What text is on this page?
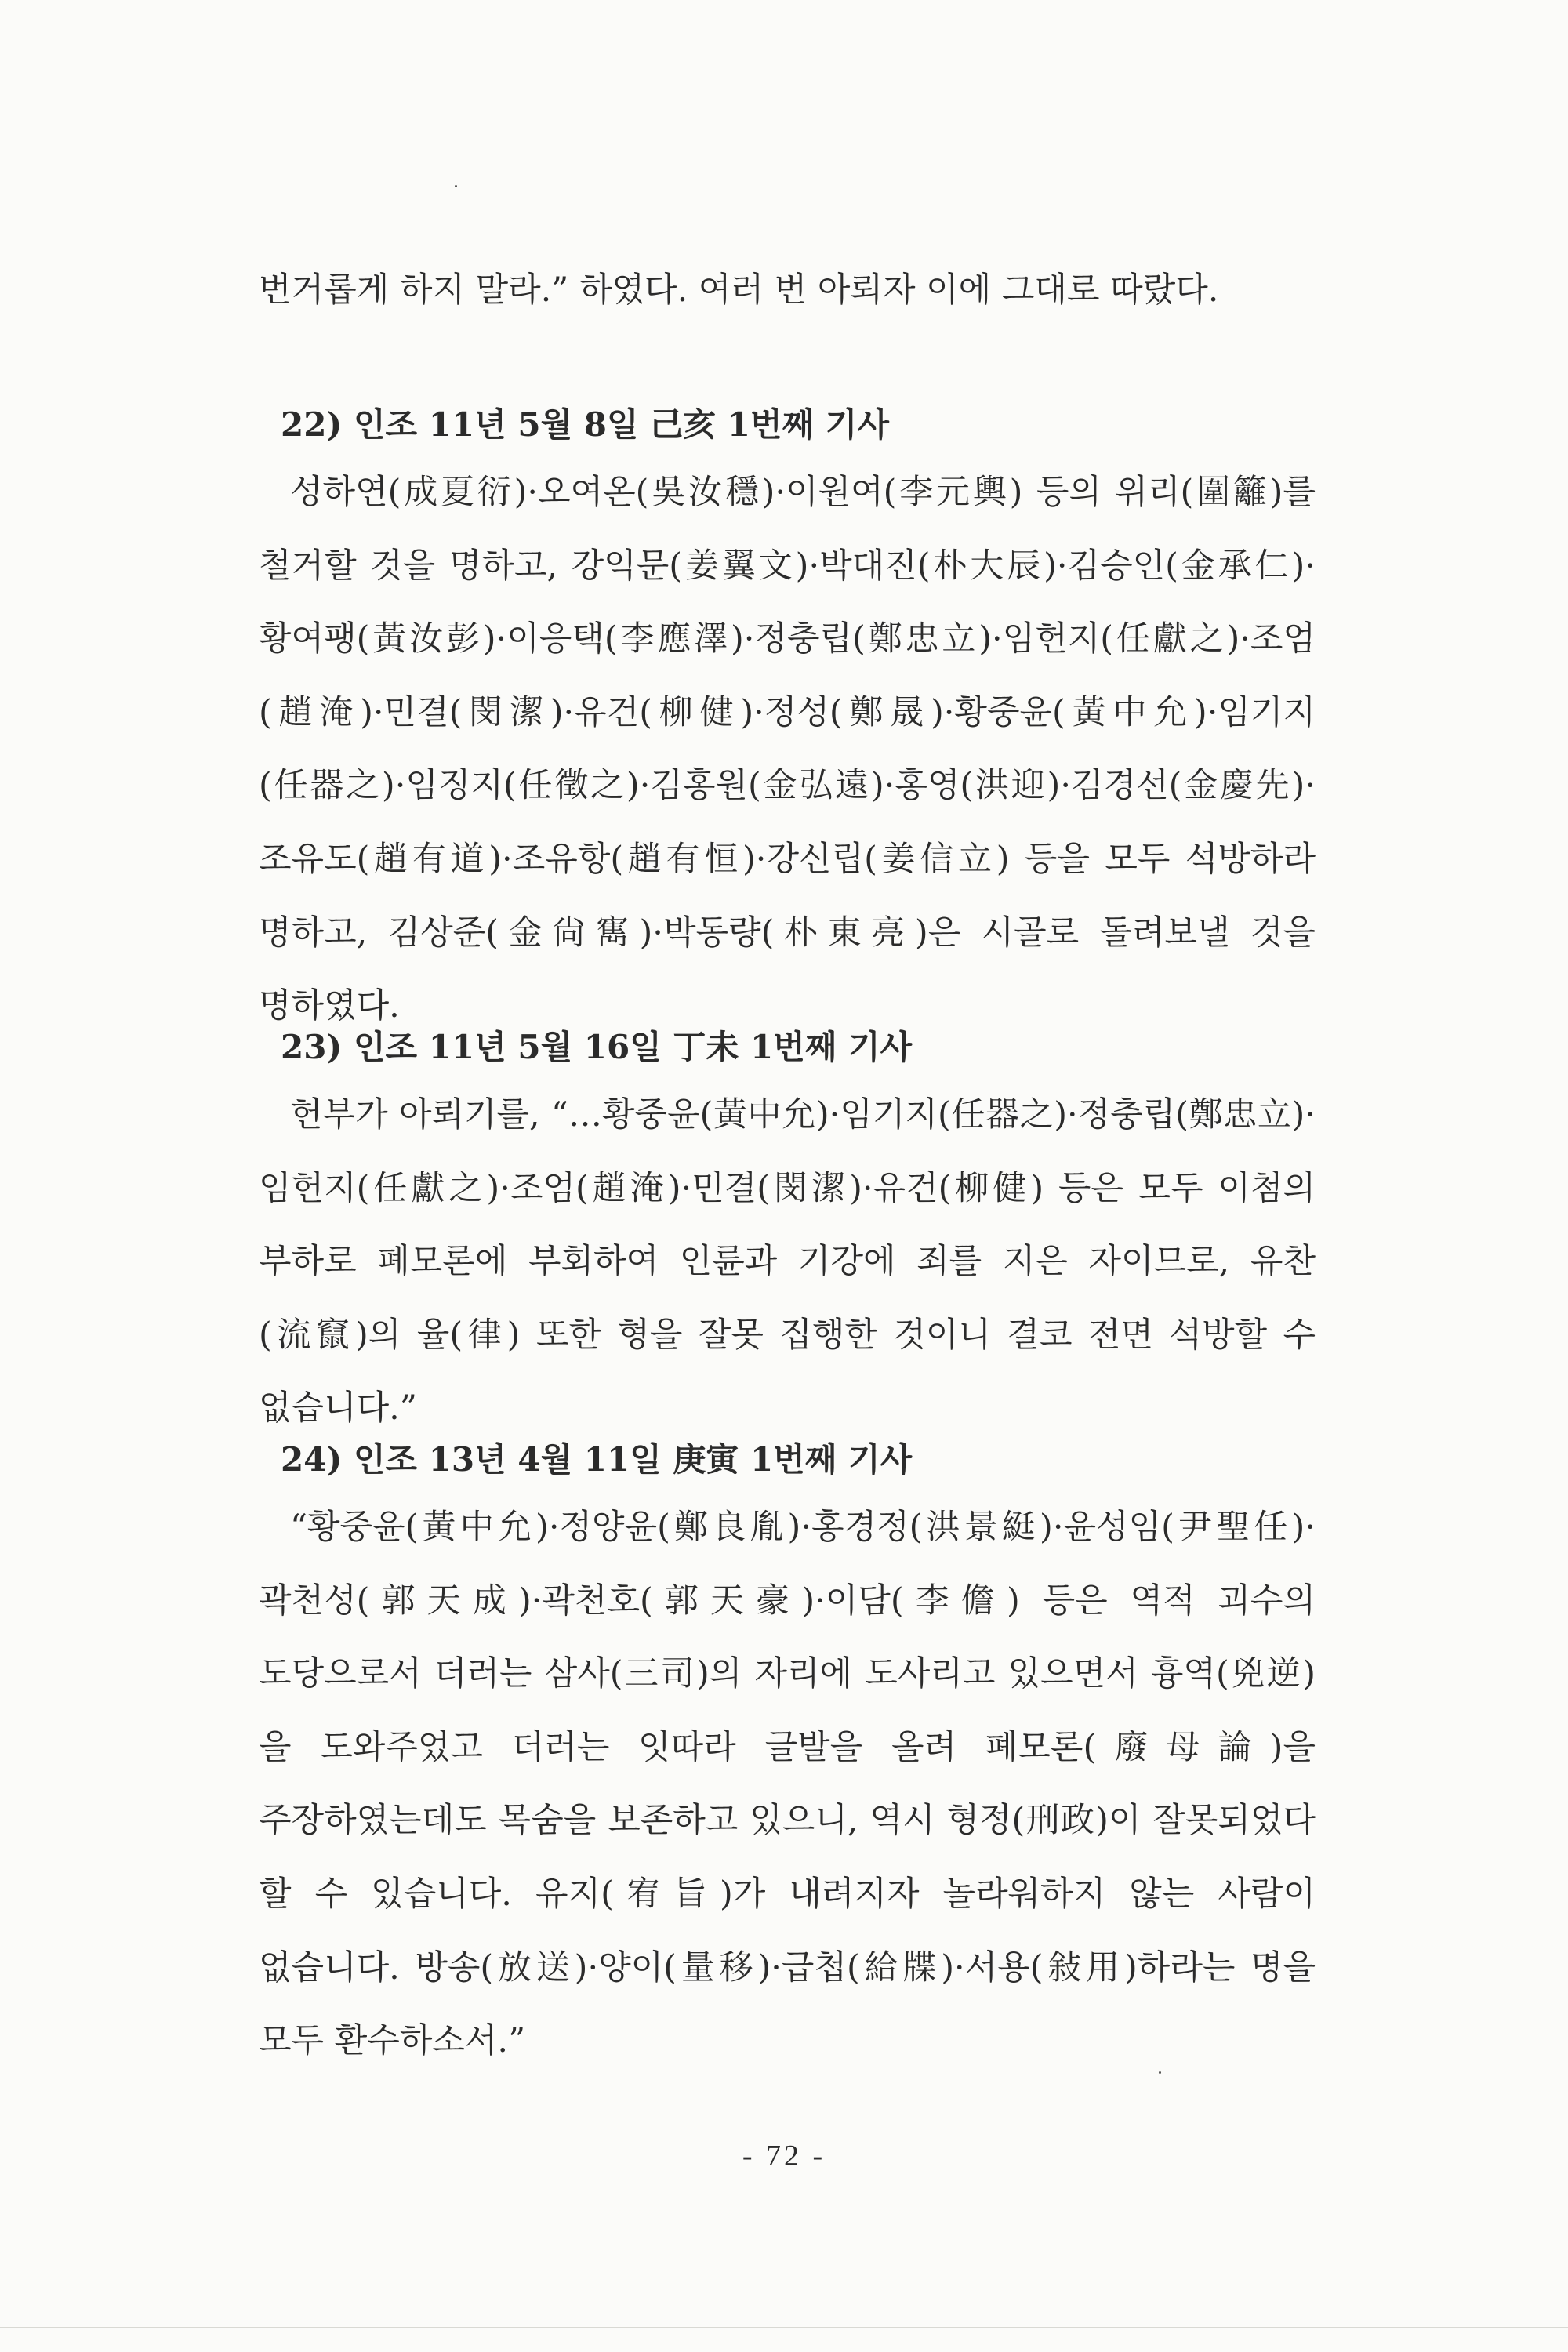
번거롭게 하지 말라.” 하였다. 여러 번 아뢰자 이에 그대로 따랐다.

22) 인조 11년 5월 8일 己亥 1번째 기사

성하연(成夏衍)·오여온(吳汝穩)·이원여(李元輿) 등의 위리(圍籬)를 철거할 것을 명하고, 강익문(姜翼文)·박대진(朴大辰)·김승인(金承仁)·황여팽(黃汝彭)·이응택(李應澤)·정충립(鄭忠立)·임헌지(任獻之)·조엄(趙淹)·민결(閔潔)·유건(柳健)·정성(鄭晟)·황중윤(黃中允)·임기지(任器之)·임징지(任徵之)·김홍원(金弘遠)·홍영(洪迎)·김경선(金慶先)·조유도(趙有道)·조유항(趙有恒)·강신립(姜信立) 등을 모두 석방하라 명하고, 김상준(金尙寯)·박동량(朴東亮)은 시골로 돌려보낼 것을 명하였다.

23) 인조 11년 5월 16일 丁未 1번째 기사

헌부가 아뢰기를, “…황중윤(黃中允)·임기지(任器之)·정충립(鄭忠立)·임헌지(任獻之)·조엄(趙淹)·민결(閔潔)·유건(柳健) 등은 모두 이첨의 부하로 폐모론에 부회하여 인륜과 기강에 죄를 지은 자이므로, 유찬(流竄)의 율(律) 또한 형을 잘못 집행한 것이니 결코 전면 석방할 수 없습니다.”

24) 인조 13년 4월 11일 庚寅 1번째 기사

“황중윤(黃中允)·정양윤(鄭良胤)·홍경정(洪景綎)·윤성임(尹聖任)·곽천성(郭天成)·곽천호(郭天豪)·이담(李儋) 등은 역적 괴수의 도당으로서 더러는 삼사(三司)의 자리에 도사리고 있으면서 흉역(兇逆)을 도와주었고 더러는 잇따라 글발을 올려 폐모론(廢母論)을 주장하였는데도 목숨을 보존하고 있으니, 역시 형정(刑政)이 잘못되었다 할 수 있습니다. 유지(宥旨)가 내려지자 놀라워하지 않는 사람이 없습니다. 방송(放送)·양이(量移)·급첩(給牒)·서용(敍用)하라는 명을 모두 환수하소서.”

- 72 -
